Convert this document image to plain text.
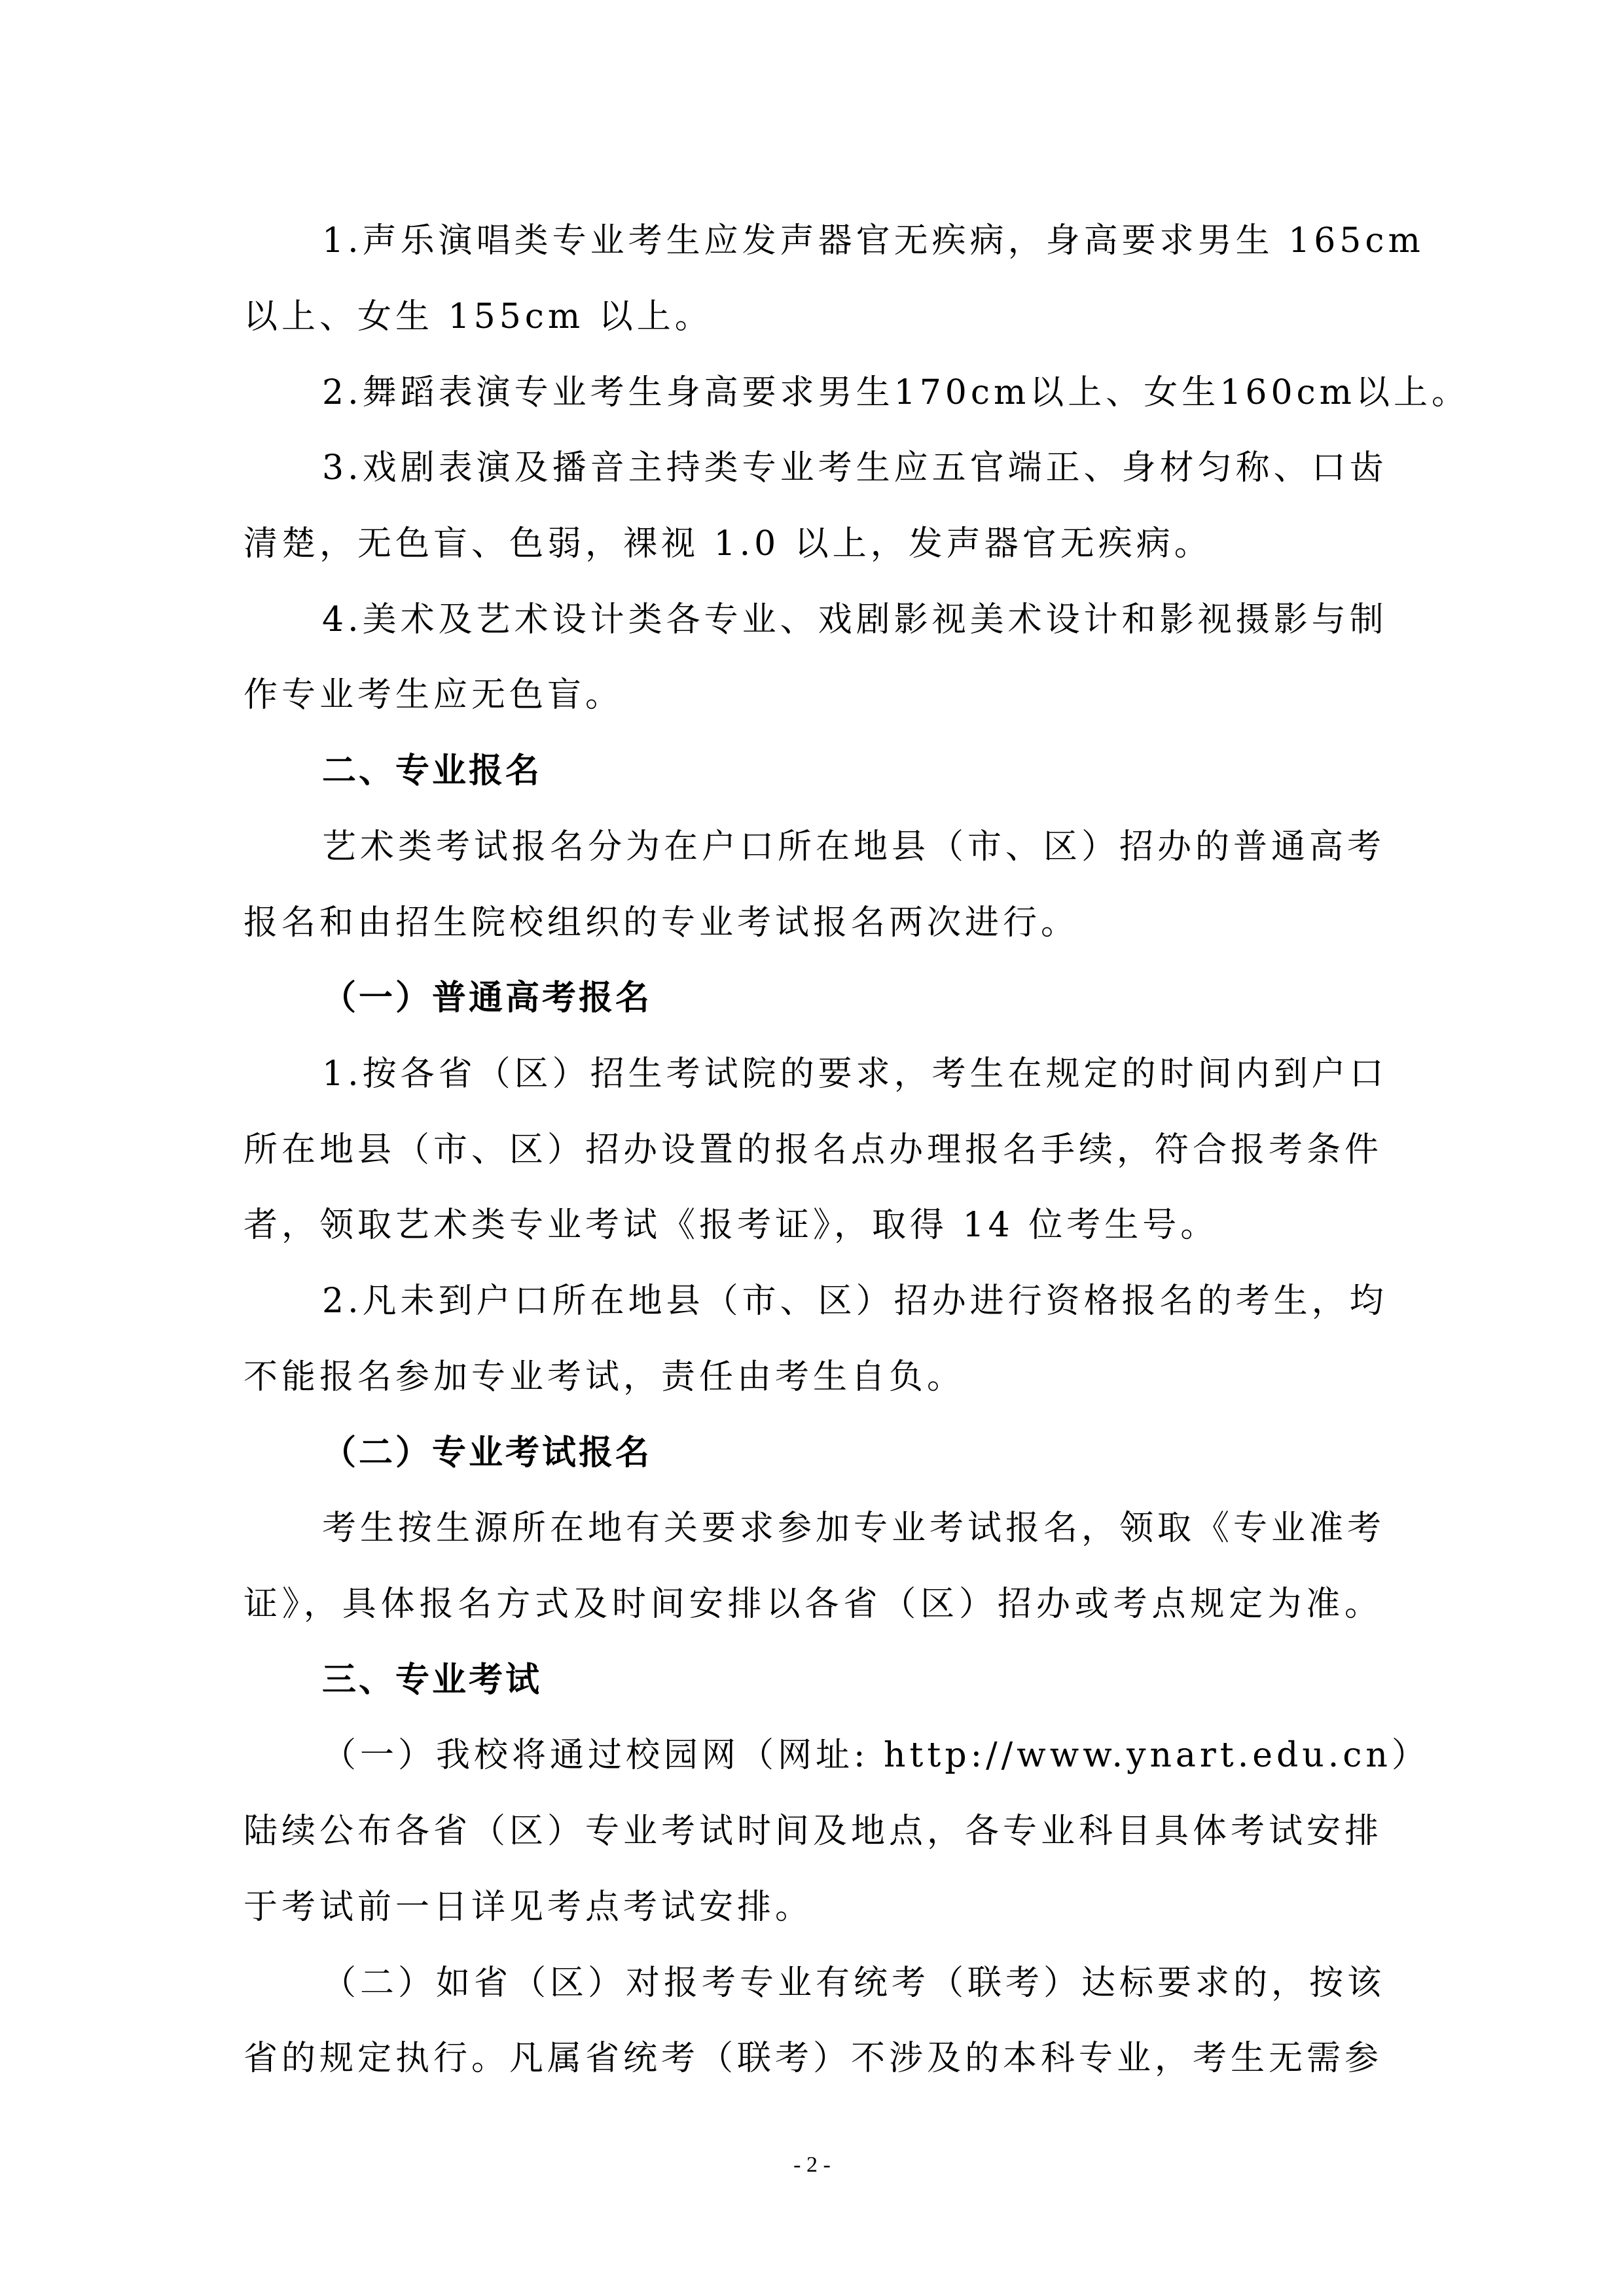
1.声乐演唱类专业考生应发声器官无疾病，身高要求男生 165cm
以上、女生 155cm 以上。
2.舞蹈表演专业考生身高要求男生170cm以上、女生160cm以上。
3.戏剧表演及播音主持类专业考生应五官端正、身材匀称、口齿
清楚，无色盲、色弱，裸视 1.0 以上，发声器官无疾病。
4.美术及艺术设计类各专业、戏剧影视美术设计和影视摄影与制
作专业考生应无色盲。
二、专业报名
艺术类考试报名分为在户口所在地县（市、区）招办的普通高考
报名和由招生院校组织的专业考试报名两次进行。
（一）普通高考报名
1.按各省（区）招生考试院的要求，考生在规定的时间内到户口
所在地县（市、区）招办设置的报名点办理报名手续，符合报考条件
者，领取艺术类专业考试《报考证》，取得 14 位考生号。
2.凡未到户口所在地县（市、区）招办进行资格报名的考生，均
不能报名参加专业考试，责任由考生自负。
（二）专业考试报名
考生按生源所在地有关要求参加专业考试报名，领取《专业准考
证》，具体报名方式及时间安排以各省（区）招办或考点规定为准。
三、专业考试
（一）我校将通过校园网（网址: http://www.ynart.edu.cn）
陆续公布各省（区）专业考试时间及地点，各专业科目具体考试安排
于考试前一日详见考点考试安排。
（二）如省（区）对报考专业有统考（联考）达标要求的，按该
省的规定执行。凡属省统考（联考）不涉及的本科专业，考生无需参
- 2 -
